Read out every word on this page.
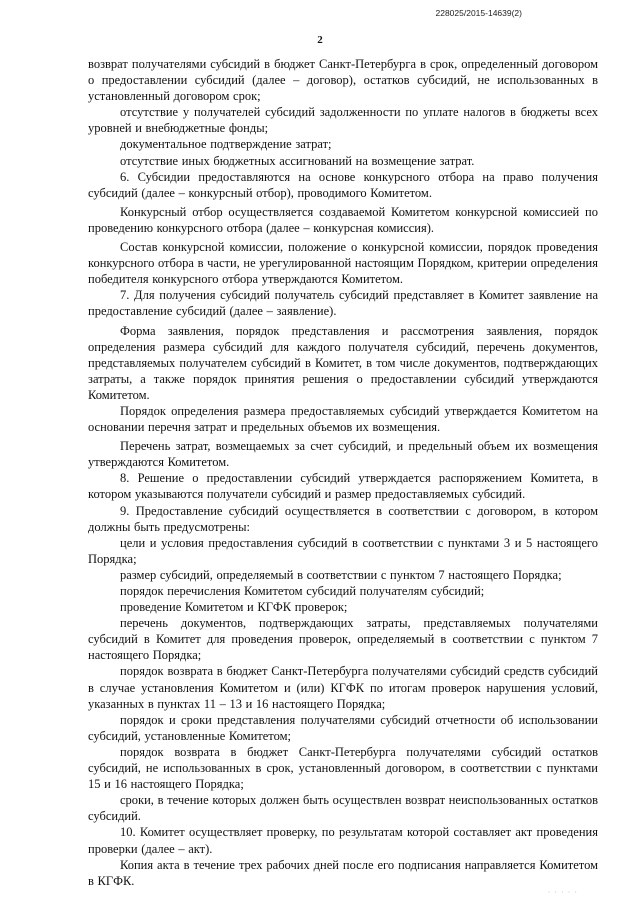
228025/2015-14639(2)
2

возврат получателями субсидий в бюджет Санкт-Петербурга в срок, определенный договором о предоставлении субсидий (далее – договор), остатков субсидий, не использованных в установленный договором срок;

отсутствие у получателей субсидий задолженности по уплате налогов в бюджеты всех уровней и внебюджетные фонды;

документальное подтверждение затрат;

отсутствие иных бюджетных ассигнований на возмещение затрат.

6. Субсидии предоставляются на основе конкурсного отбора на право получения субсидий (далее – конкурсный отбор), проводимого Комитетом.

Конкурсный отбор осуществляется создаваемой Комитетом конкурсной комиссией по проведению конкурсного отбора (далее – конкурсная комиссия).

Состав конкурсной комиссии, положение о конкурсной комиссии, порядок проведения конкурсного отбора в части, не урегулированной настоящим Порядком, критерии определения победителя конкурсного отбора утверждаются Комитетом.

7. Для получения субсидий получатель субсидий представляет в Комитет заявление на предоставление субсидий (далее – заявление).

Форма заявления, порядок представления и рассмотрения заявления, порядок определения размера субсидий для каждого получателя субсидий, перечень документов, представляемых получателем субсидий в Комитет, в том числе документов, подтверждающих затраты, а также порядок принятия решения о предоставлении субсидий утверждаются Комитетом.

Порядок определения размера предоставляемых субсидий утверждается Комитетом на основании перечня затрат и предельных объемов их возмещения.

Перечень затрат, возмещаемых за счет субсидий, и предельный объем их возмещения утверждаются Комитетом.

8. Решение о предоставлении субсидий утверждается распоряжением Комитета, в котором указываются получатели субсидий и размер предоставляемых субсидий.

9. Предоставление субсидий осуществляется в соответствии с договором, в котором должны быть предусмотрены:

цели и условия предоставления субсидий в соответствии с пунктами 3 и 5 настоящего Порядка;

размер субсидий, определяемый в соответствии с пунктом 7 настоящего Порядка;

порядок перечисления Комитетом субсидий получателям субсидий;

проведение Комитетом и КГФК проверок;

перечень документов, подтверждающих затраты, представляемых получателями субсидий в Комитет для проведения проверок, определяемый в соответствии с пунктом 7 настоящего Порядка;

порядок возврата в бюджет Санкт-Петербурга получателями субсидий средств субсидий в случае установления Комитетом и (или) КГФК по итогам проверок нарушения условий, указанных в пунктах 11 – 13 и 16 настоящего Порядка;

порядок и сроки представления получателями субсидий отчетности об использовании субсидий, установленные Комитетом;

порядок возврата в бюджет Санкт-Петербурга получателями субсидий остатков субсидий, не использованных в срок, установленный договором, в соответствии с пунктами 15 и 16 настоящего Порядка;

сроки, в течение которых должен быть осуществлен возврат неиспользованных остатков субсидий.

10. Комитет осуществляет проверку, по результатам которой составляет акт проведения проверки (далее – акт).

Копия акта в течение трех рабочих дней после его подписания направляется Комитетом в КГФК.

· · · · ·
